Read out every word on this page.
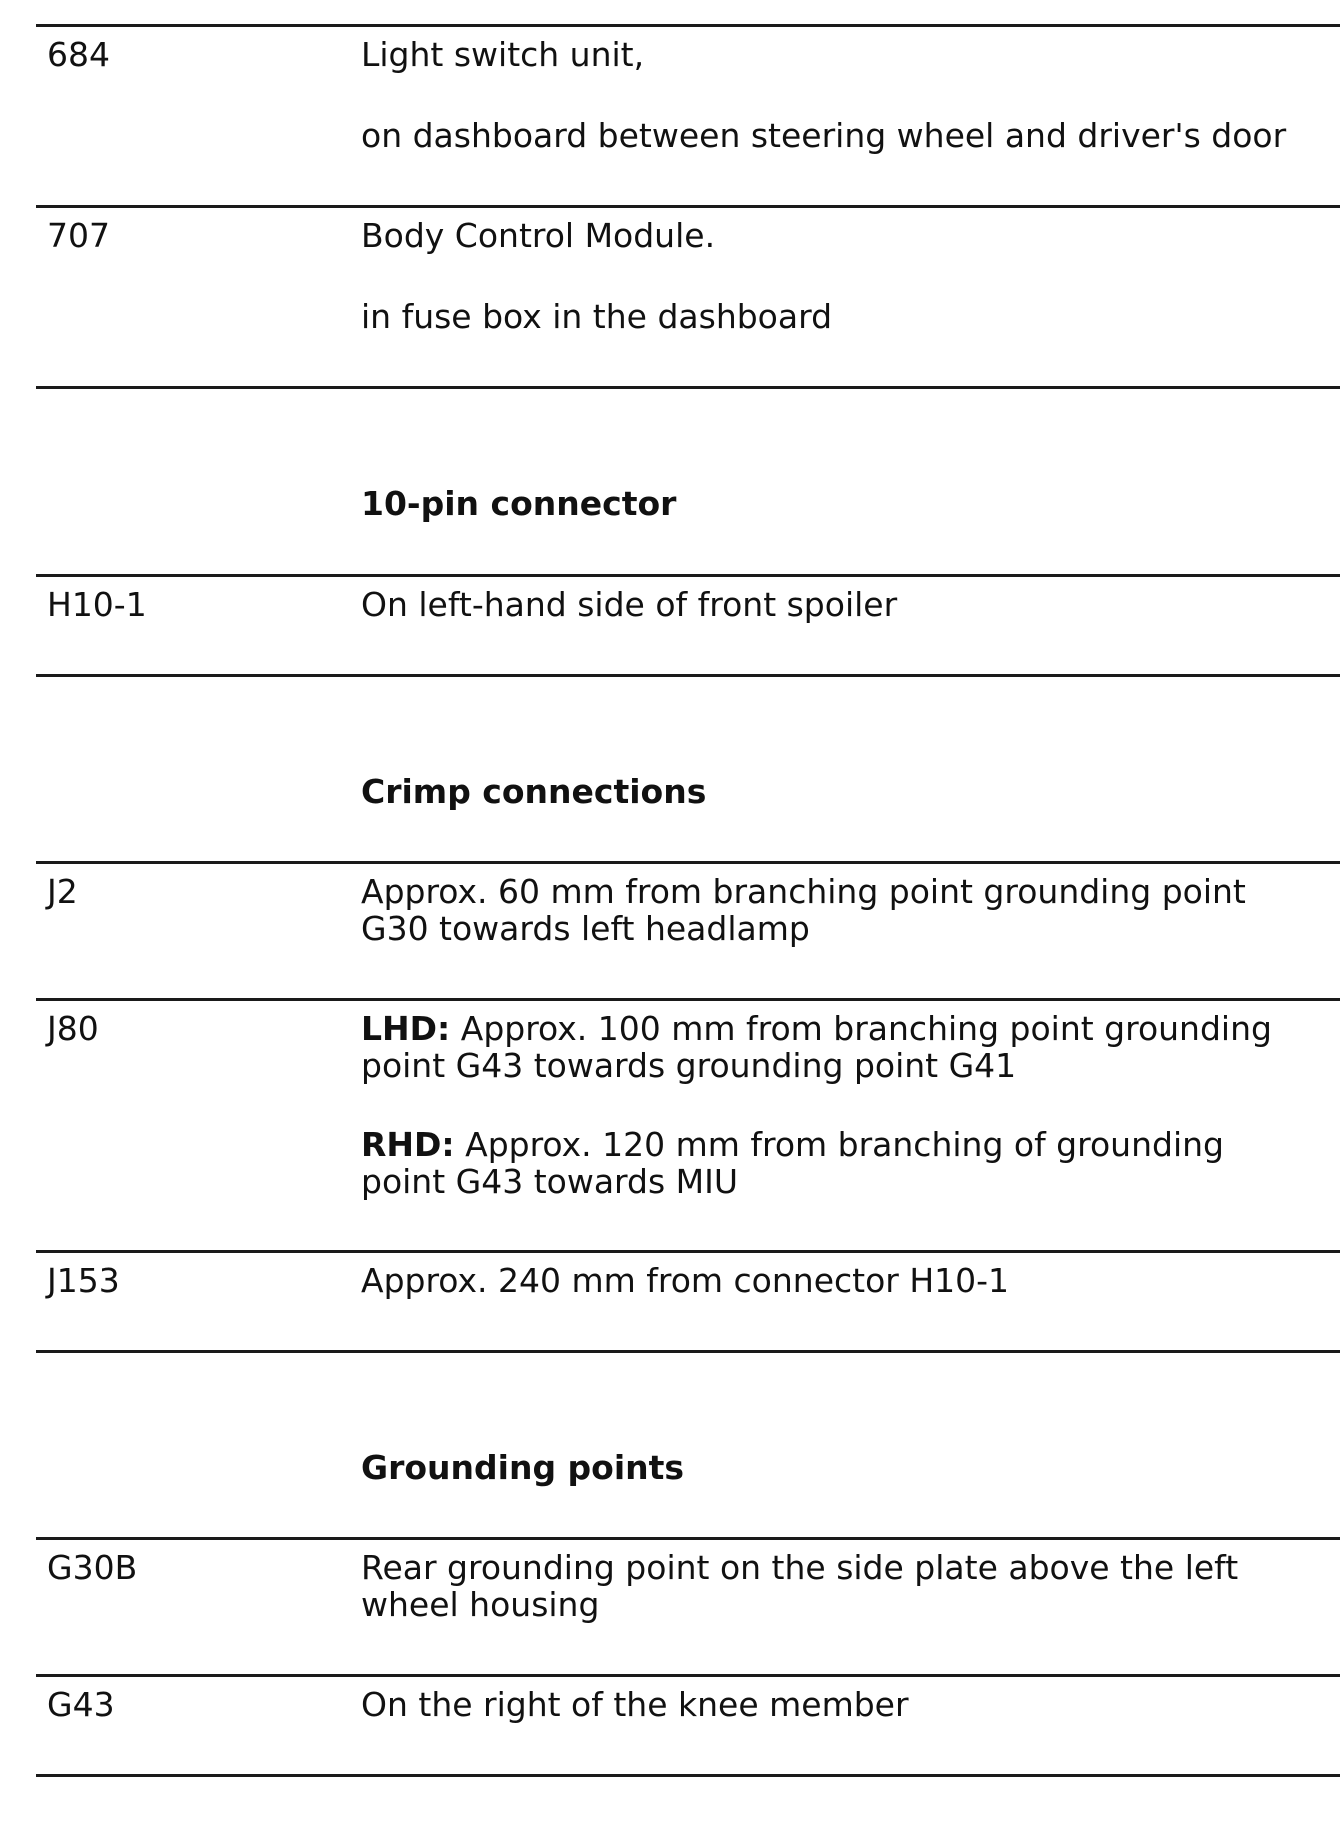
684	Light switch unit,
on dashboard between steering wheel and driver's door
707	Body Control Module.
in fuse box in the dashboard
10-pin connector
H10-1	On left-hand side of front spoiler
Crimp connections
J2	Approx. 60 mm from branching point grounding point
G30 towards left headlamp
J80	LHD: Approx. 100 mm from branching point grounding
point G43 towards grounding point G41
RHD: Approx. 120 mm from branching of grounding
point G43 towards MIU
J153	Approx. 240 mm from connector H10-1
Grounding points
G30B	Rear grounding point on the side plate above the left
wheel housing
G43	On the right of the knee member
